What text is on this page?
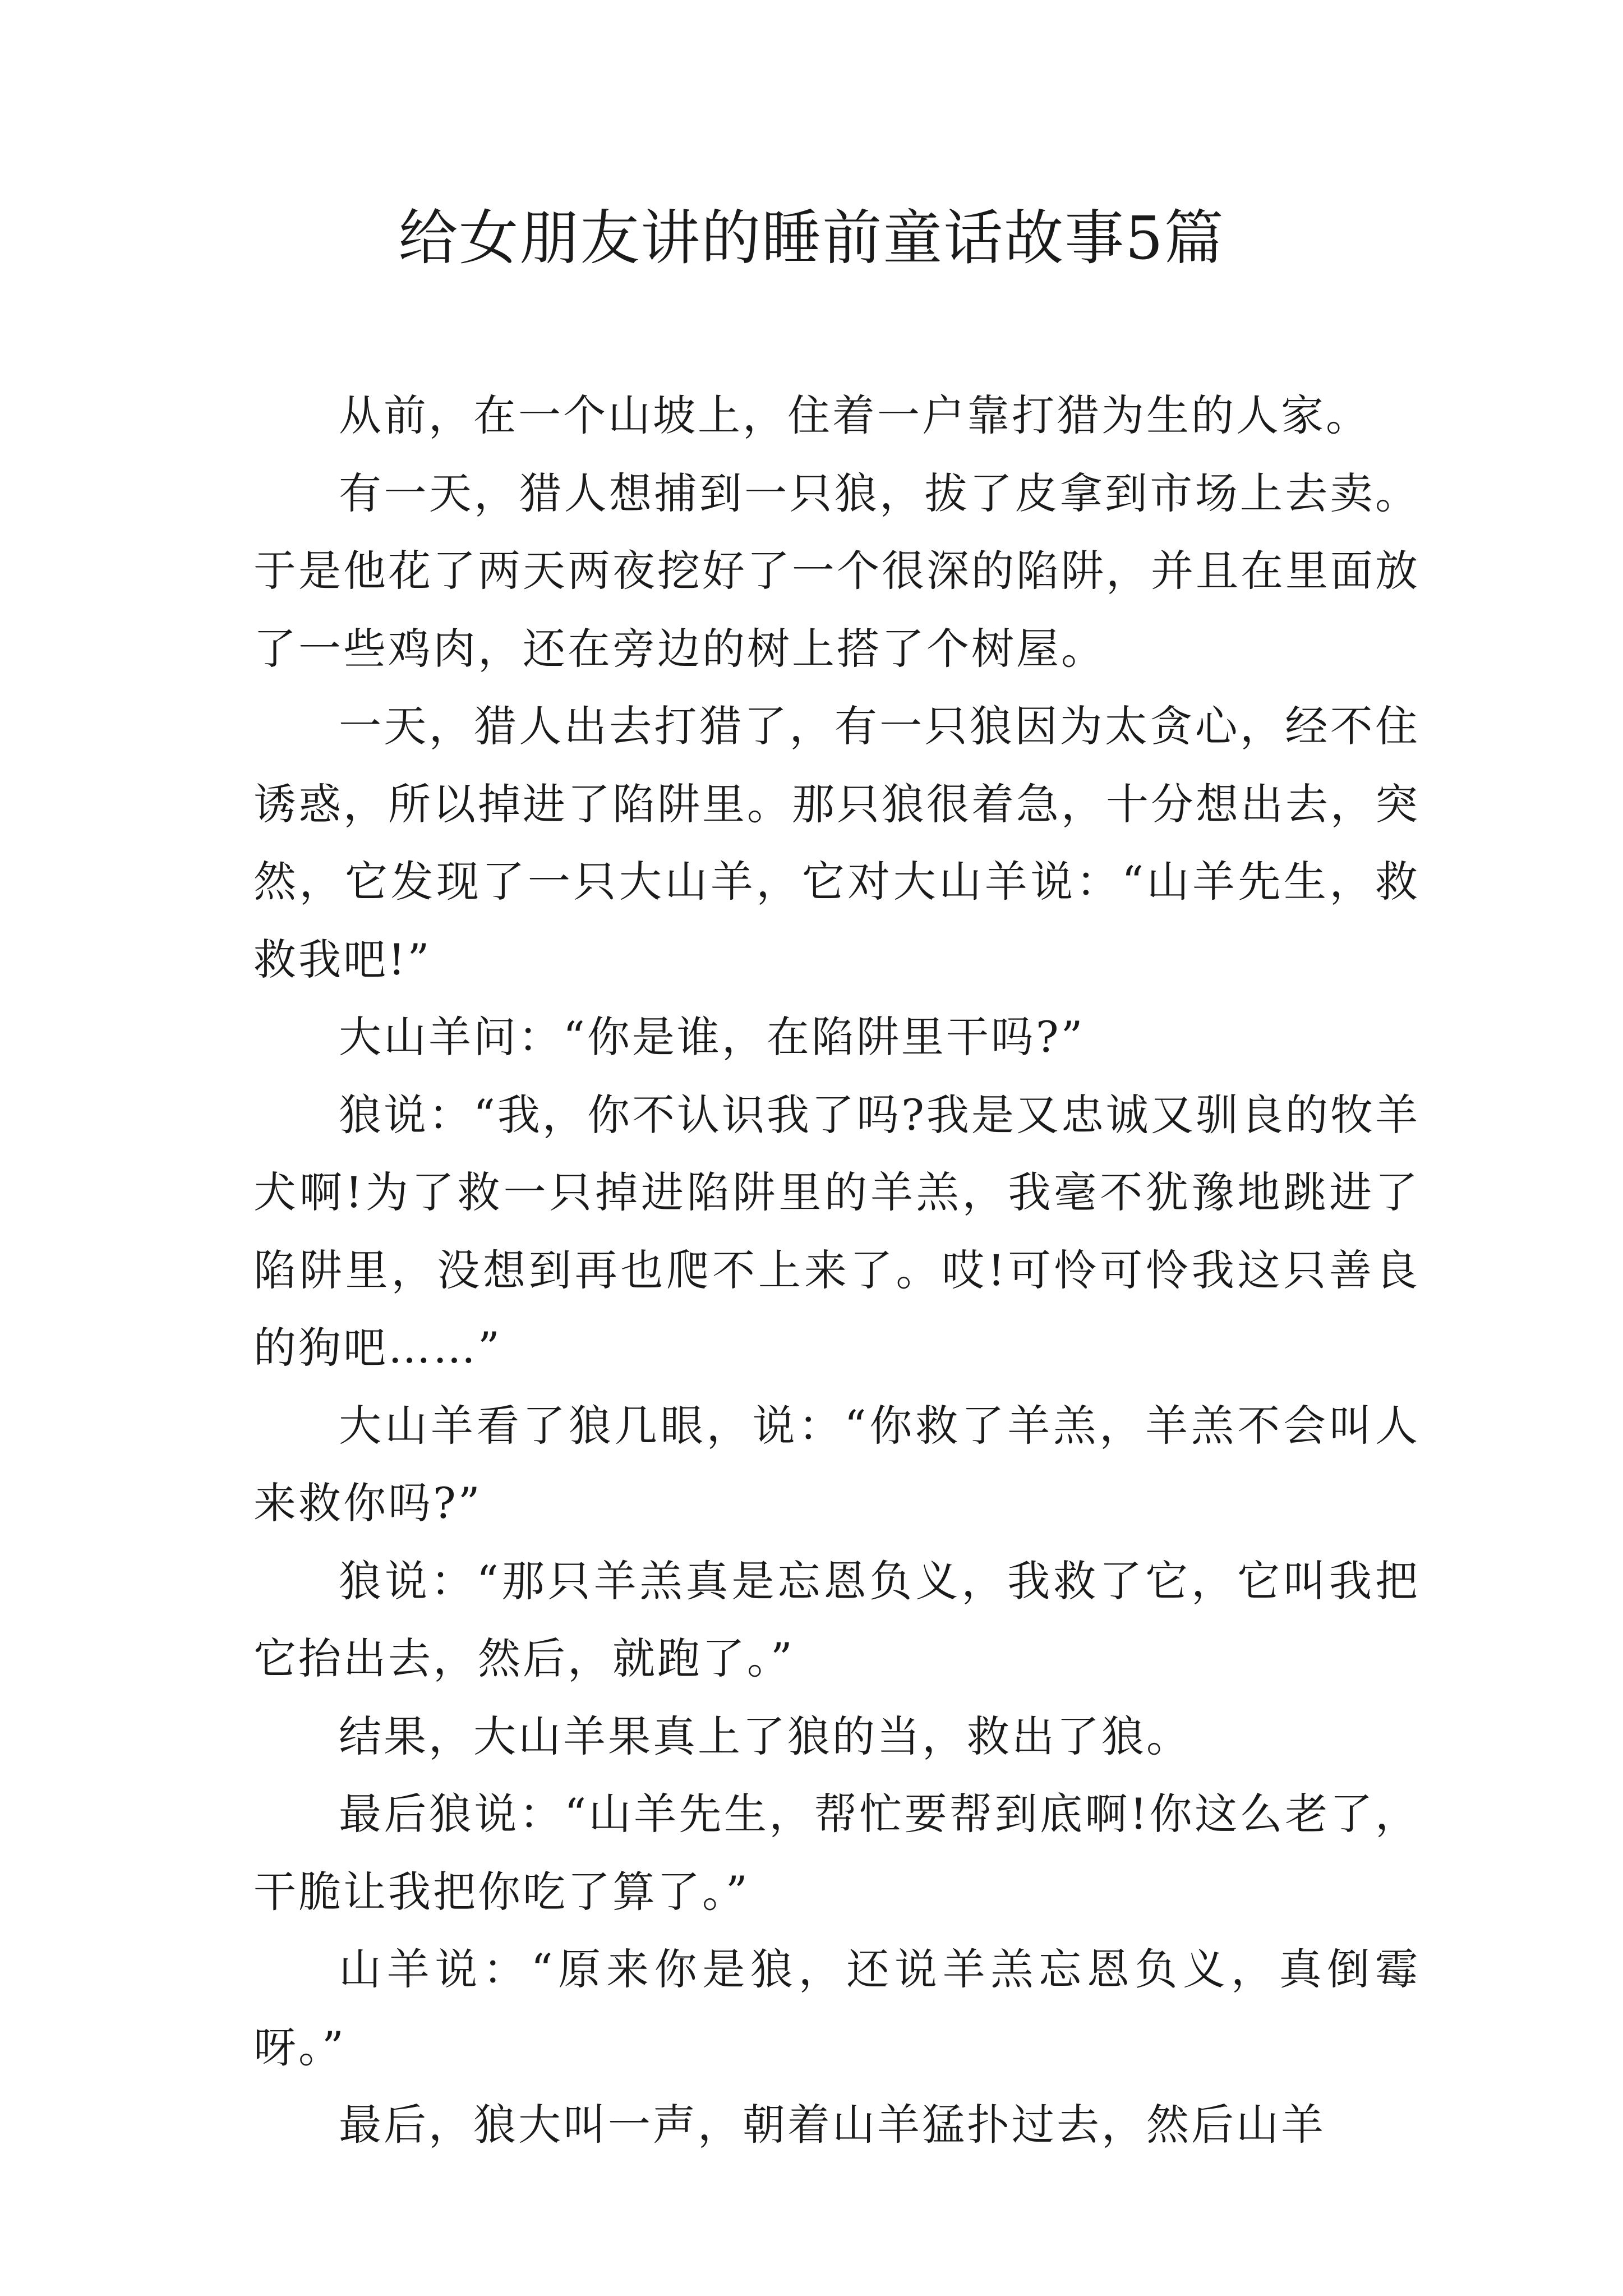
给女朋友讲的睡前童话故事5篇

从前，在一个山坡上，住着一户靠打猎为生的人家。

有一天，猎人想捕到一只狼，拔了皮拿到市场上去卖。于是他花了两天两夜挖好了一个很深的陷阱，并且在里面放了一些鸡肉，还在旁边的树上搭了个树屋。

一天，猎人出去打猎了，有一只狼因为太贪心，经不住诱惑，所以掉进了陷阱里。那只狼很着急，十分想出去，突然，它发现了一只大山羊，它对大山羊说：“山羊先生，救救我吧!”

大山羊问：“你是谁，在陷阱里干吗?”

狼说：“我，你不认识我了吗?我是又忠诚又驯良的牧羊犬啊!为了救一只掉进陷阱里的羊羔，我毫不犹豫地跳进了陷阱里，没想到再也爬不上来了。哎!可怜可怜我这只善良的狗吧……”

大山羊看了狼几眼，说：“你救了羊羔，羊羔不会叫人来救你吗?”

狼说：“那只羊羔真是忘恩负义，我救了它，它叫我把它抬出去，然后，就跑了。”

结果，大山羊果真上了狼的当，救出了狼。

最后狼说：“山羊先生，帮忙要帮到底啊!你这么老了，干脆让我把你吃了算了。”

山羊说：“原来你是狼，还说羊羔忘恩负义，真倒霉呀。”

最后，狼大叫一声，朝着山羊猛扑过去，然后山羊
